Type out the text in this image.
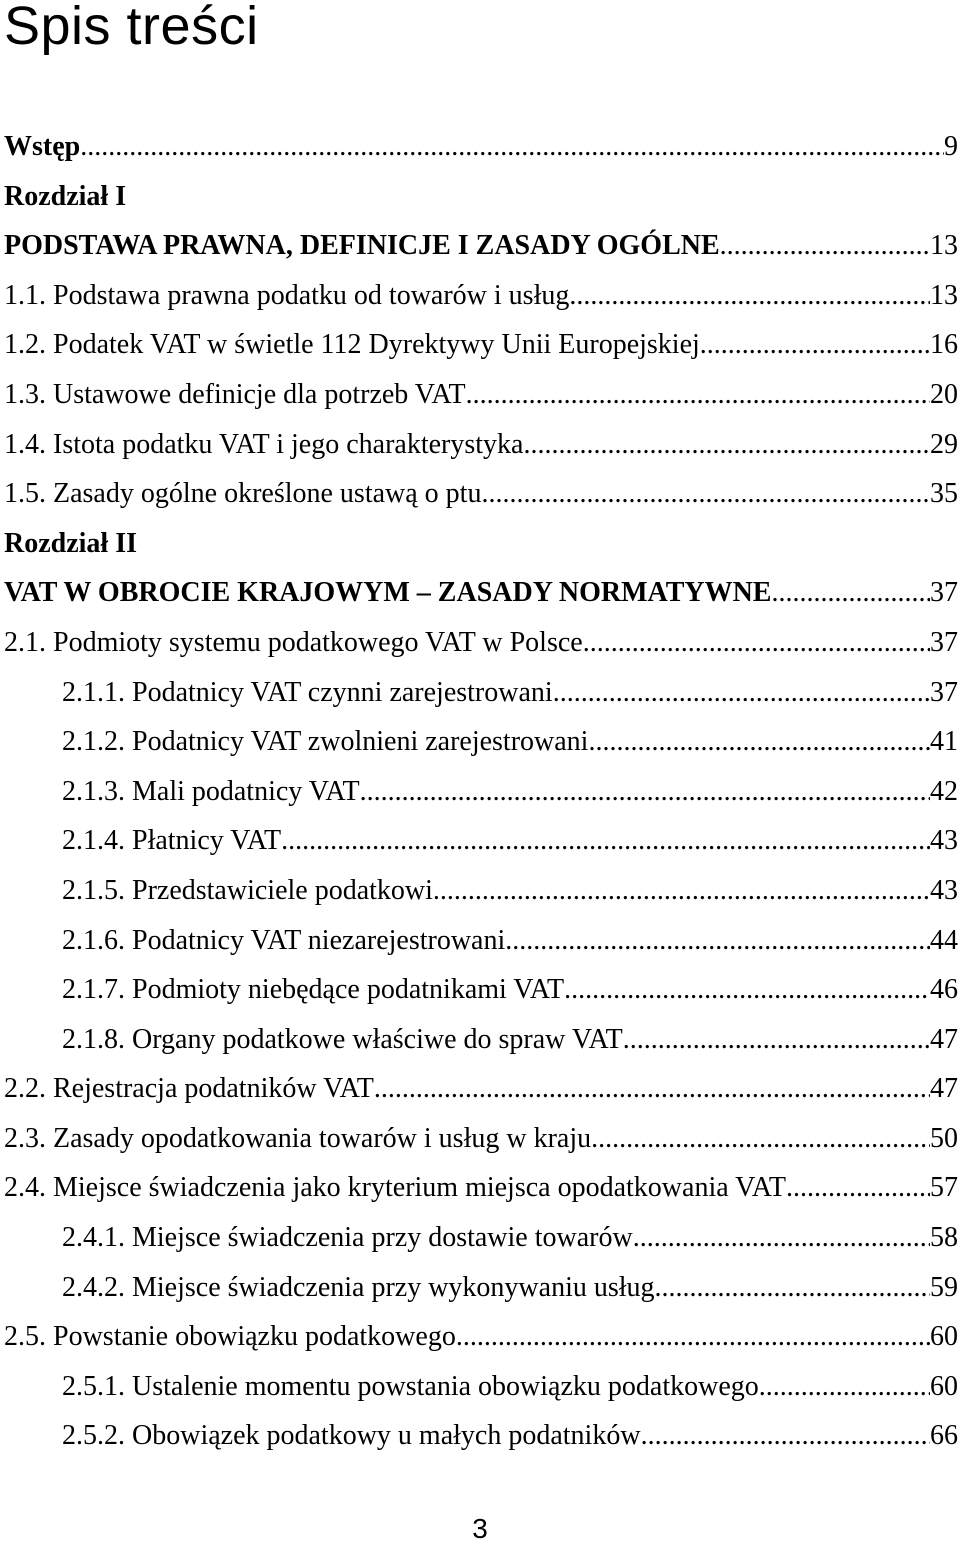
Spis treści
Wstęp .....	9
Rozdział I
PODSTAWA PRAWNA, DEFINICJE I ZASADY OGÓLNE .....	13
1.1. Podstawa prawna podatku od towarów i usług .....	13
1.2. Podatek VAT w świetle 112 Dyrektywy Unii Europejskiej .....	16
1.3. Ustawowe definicje dla potrzeb VAT .....	20
1.4. Istota podatku VAT i jego charakterystyka .....	29
1.5. Zasady ogólne określone ustawą o ptu .....	35
Rozdział II
VAT W OBROCIE KRAJOWYM – ZASADY NORMATYWNE .....	37
2.1. Podmioty systemu podatkowego VAT w Polsce .....	37
2.1.1. Podatnicy VAT czynni zarejestrowani .....	37
2.1.2. Podatnicy VAT zwolnieni zarejestrowani .....	41
2.1.3. Mali podatnicy VAT .....	42
2.1.4. Płatnicy VAT .....	43
2.1.5. Przedstawiciele podatkowi .....	43
2.1.6. Podatnicy VAT niezarejestrowani .....	44
2.1.7. Podmioty niebędące podatnikami VAT .....	46
2.1.8. Organy podatkowe właściwe do spraw VAT .....	47
2.2. Rejestracja podatników VAT .....	47
2.3. Zasady opodatkowania towarów i usług w kraju .....	50
2.4. Miejsce świadczenia jako kryterium miejsca opodatkowania VAT .....	57
2.4.1. Miejsce świadczenia przy dostawie towarów .....	58
2.4.2. Miejsce świadczenia przy wykonywaniu usług .....	59
2.5. Powstanie obowiązku podatkowego .....	60
2.5.1. Ustalenie momentu powstania obowiązku podatkowego .....	60
2.5.2. Obowiązek podatkowy u małych podatników .....	66
3
